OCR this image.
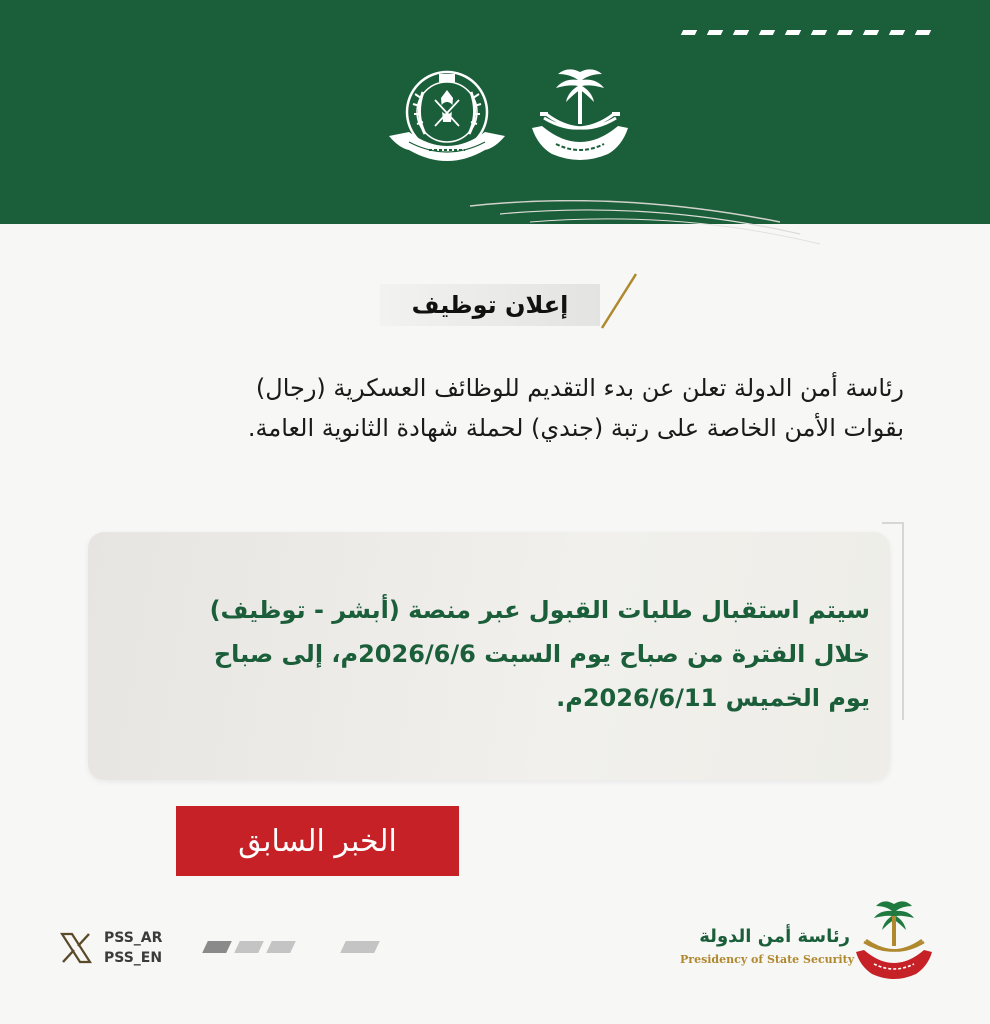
إعلان توظيف

رئاسة أمن الدولة تعلن عن بدء التقديم للوظائف العسكرية (رجال)

بقوات الأمن الخاصة على رتبة (جندي) لحملة شهادة الثانوية العامة.

سيتم استقبال طلبات القبول عبر منصة (أبشر - توظيف)

خلال الفترة من صباح يوم السبت 2026/6/6م، إلى صباح

يوم الخميس 2026/6/11م.

الخبر السابق
PSS_AR
PSS_EN
رئاسة أمن الدولة
Presidency of State Security
